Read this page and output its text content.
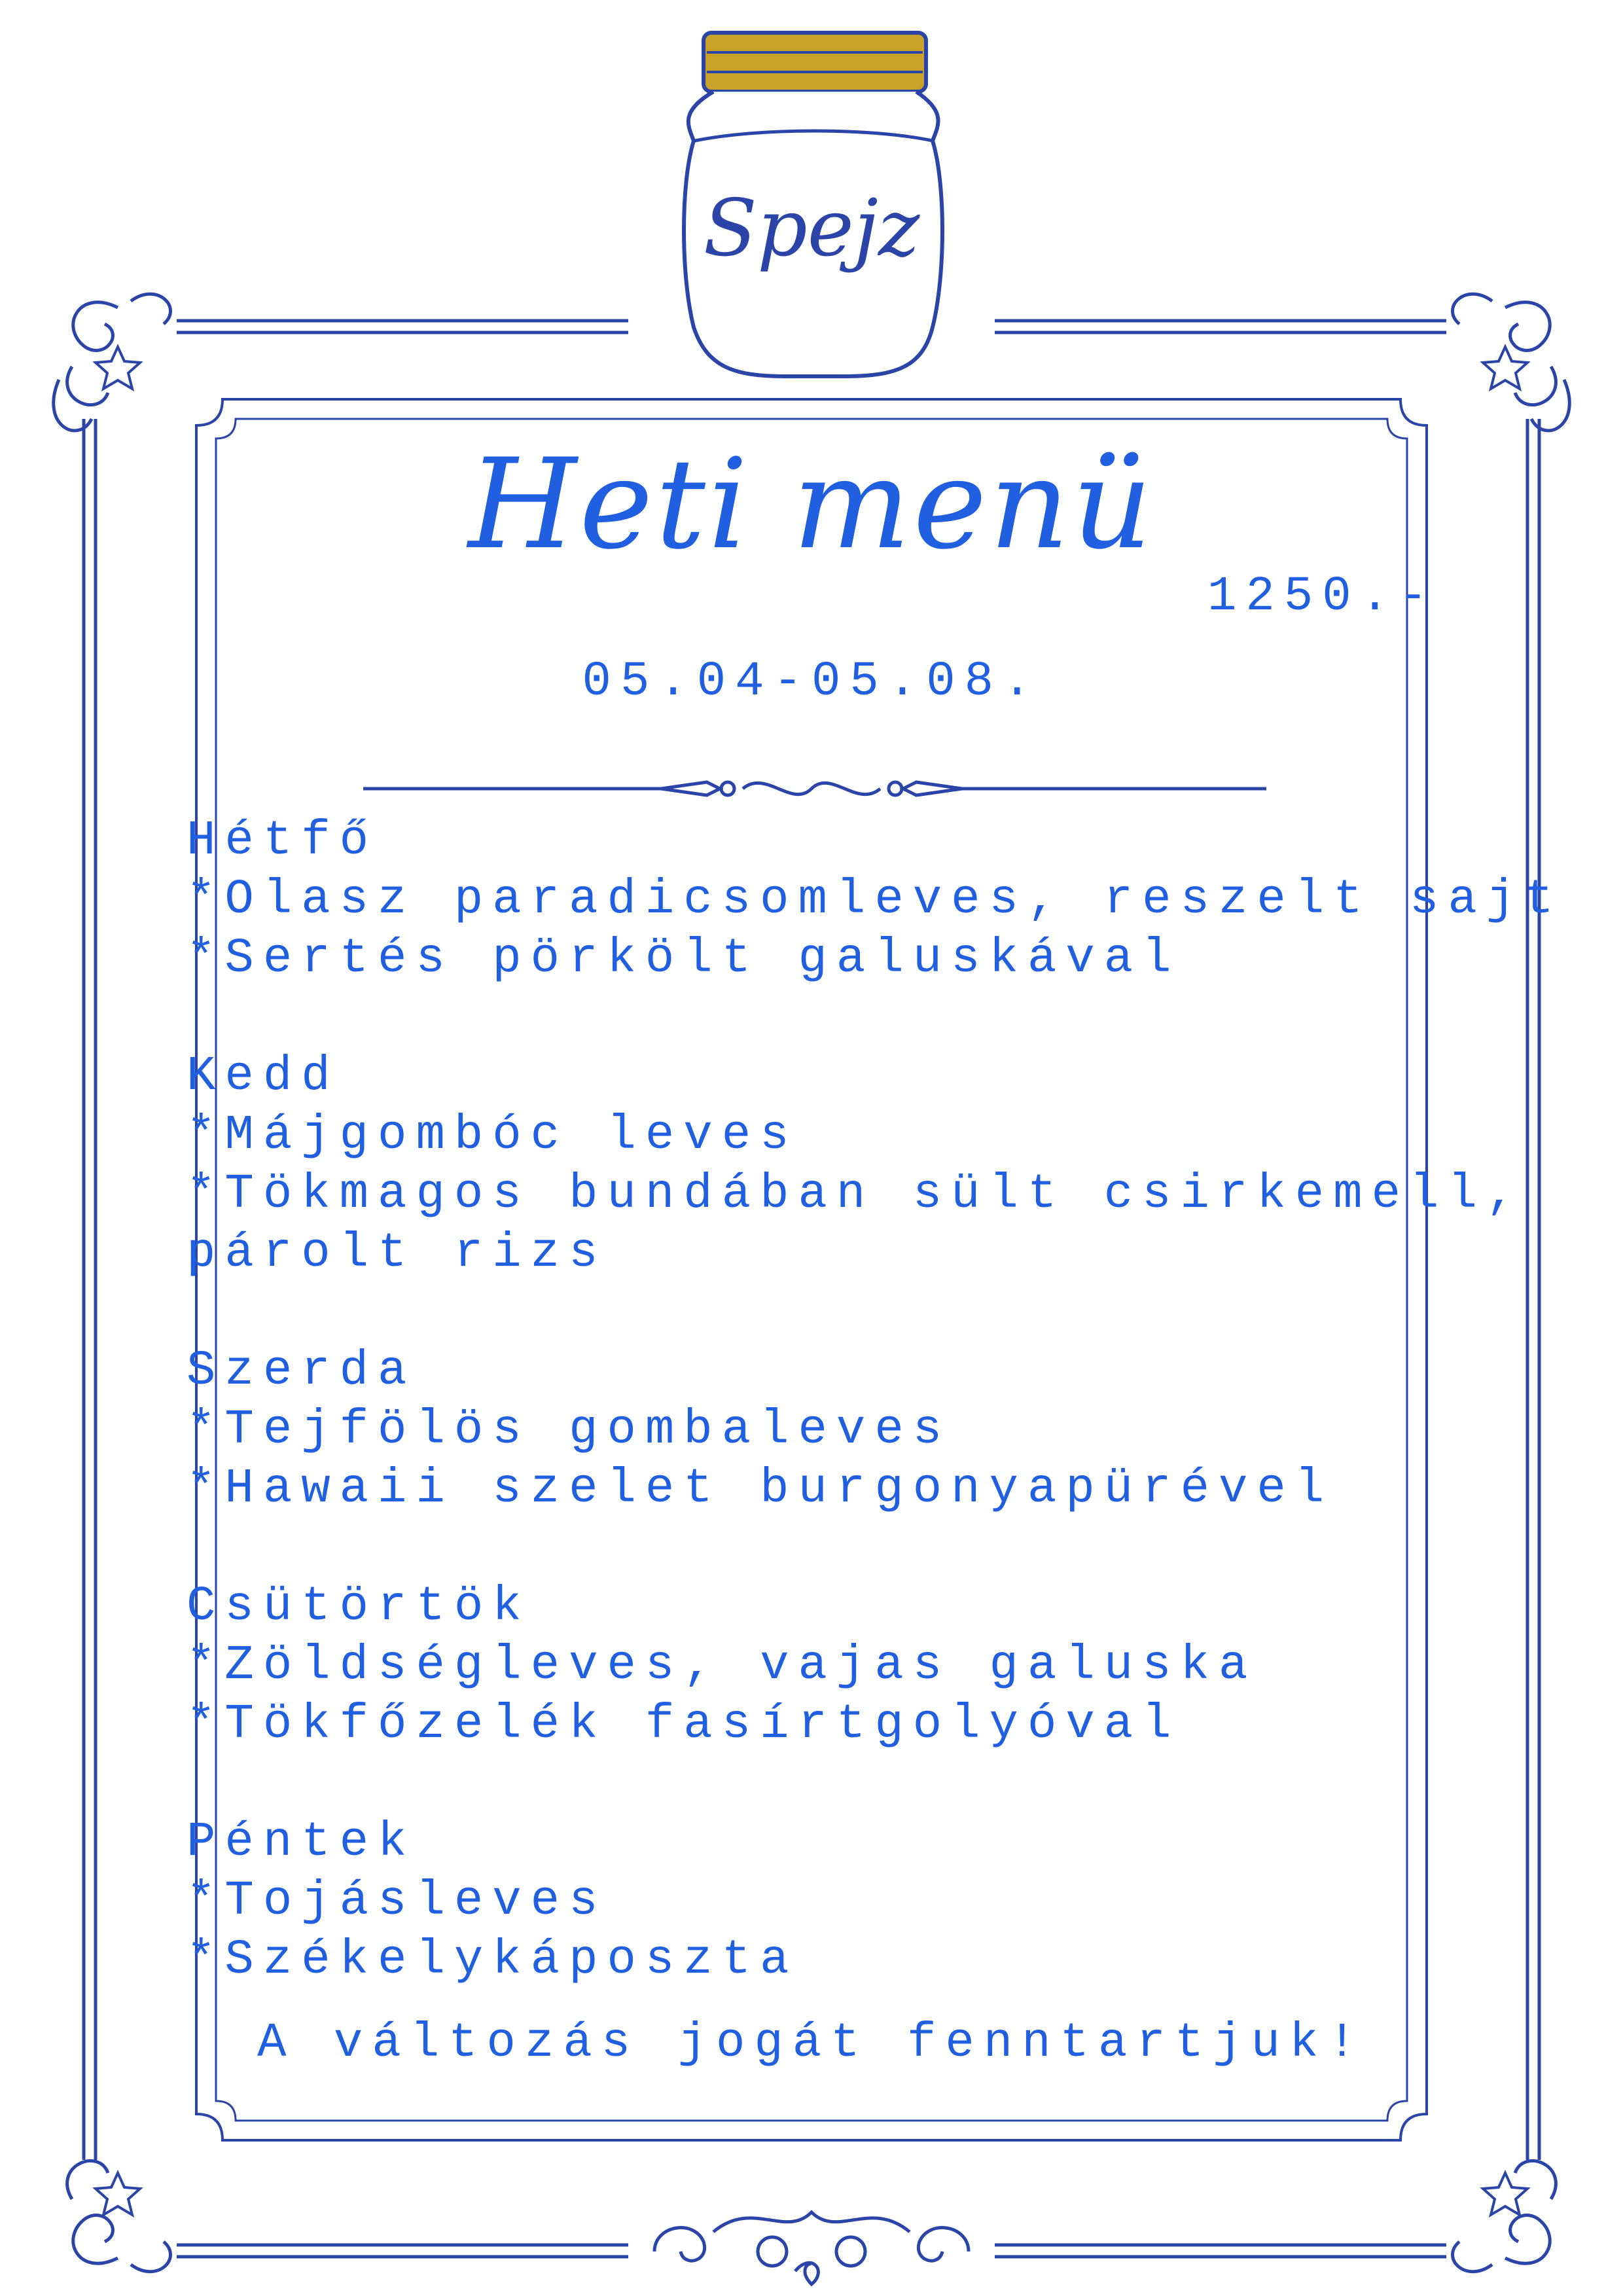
Spejz
Heti menü
1250.-
05.04-05.08.
Hétfő
*Olasz paradicsomleves, reszelt sajt
*Sertés pörkölt galuskával
Kedd
*Májgombóc leves
*Tökmagos bundában sült csirkemell,
párolt rizs
Szerda
*Tejfölös gombaleves
*Hawaii szelet burgonyapürével
Csütörtök
*Zöldségleves, vajas galuska
*Tökfőzelék fasírtgolyóval
Péntek
*Tojásleves
*Székelykáposzta
A változás jogát fenntartjuk!
